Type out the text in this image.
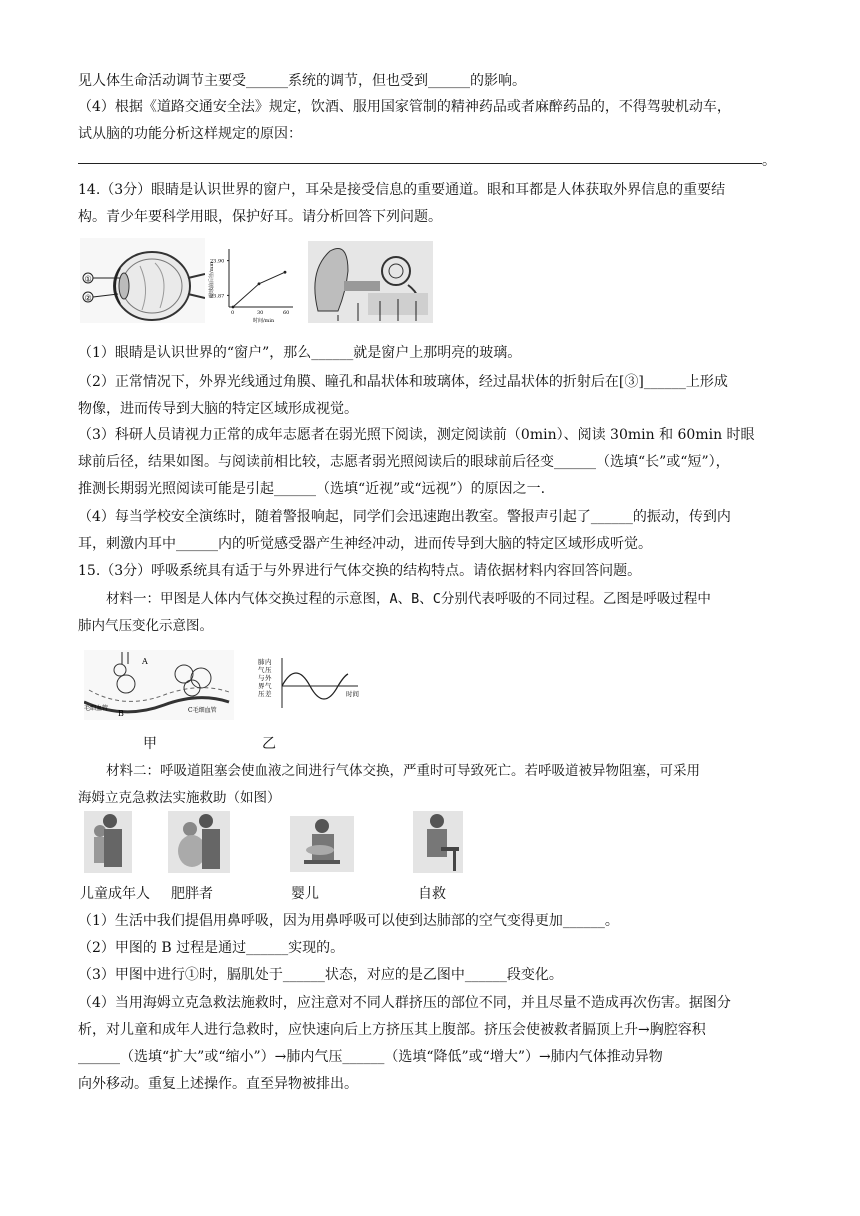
见人体生命活动调节主要受______系统的调节，但也受到______的影响。
（4）根据《道路交通安全法》规定，饮酒、服用国家管制的精神药品或者麻醉药品的，不得驾驶机动车，
试从脑的功能分析这样规定的原因：
。
14.（3分）眼睛是认识世界的窗户，耳朵是接受信息的重要通道。眼和耳都是人体获取外界信息的重要结
构。青少年要科学用眼，保护好耳。请分析回答下列问题。
①
②	眼球前后径/mm
23.87
23.90
0	30	60
时间/min
（1）眼睛是认识世界的“窗户”，那么______就是窗户上那明亮的玻璃。
（2）正常情况下，外界光线通过角膜、瞳孔和晶状体和玻璃体，经过晶状体的折射后在[③]______上形成
物像，进而传导到大脑的特定区域形成视觉。
（3）科研人员请视力正常的成年志愿者在弱光照下阅读，测定阅读前（0min）、阅读 30min 和 60min 时眼
球前后径，结果如图。与阅读前相比较，志愿者弱光照阅读后的眼球前后径变______（选填“长”或“短”），
推测长期弱光照阅读可能是引起______（选填“近视”或“远视”）的原因之一.
（4）每当学校安全演练时，随着警报响起，同学们会迅速跑出教室。警报声引起了______的振动，传到内
耳，刺激内耳中______内的听觉感受器产生神经冲动，进而传导到大脑的特定区域形成听觉。
15.（3分）呼吸系统具有适于与外界进行气体交换的结构特点。请依据材料内容回答问题。
材料一：甲图是人体内气体交换过程的示意图，A、B、C分别代表呼吸的不同过程。乙图是呼吸过程中
肺内气压变化示意图。
A
B
毛细血管	C毛细血管
肺 内
气 压
与 外
界 气
压 差	时间
甲	乙
材料二：呼吸道阻塞会使血液之间进行气体交换，严重时可导致死亡。若呼吸道被异物阻塞，可采用
海姆立克急救法实施救助（如图）
儿童成年人 肥胖者	婴儿	自救
（1）生活中我们提倡用鼻呼吸，因为用鼻呼吸可以使到达肺部的空气变得更加______。
（2）甲图的 B 过程是通过______实现的。
（3）甲图中进行①时，膈肌处于______状态，对应的是乙图中______段变化。
（4）当用海姆立克急救法施救时，应注意对不同人群挤压的部位不同，并且尽量不造成再次伤害。据图分
析，对儿童和成年人进行急救时，应快速向后上方挤压其上腹部。挤压会使被救者膈顶上升→胸腔容积
______（选填“扩大”或“缩小”）→肺内气压______（选填“降低”或“增大”）→肺内气体推动异物
向外移动。重复上述操作。直至异物被排出。
